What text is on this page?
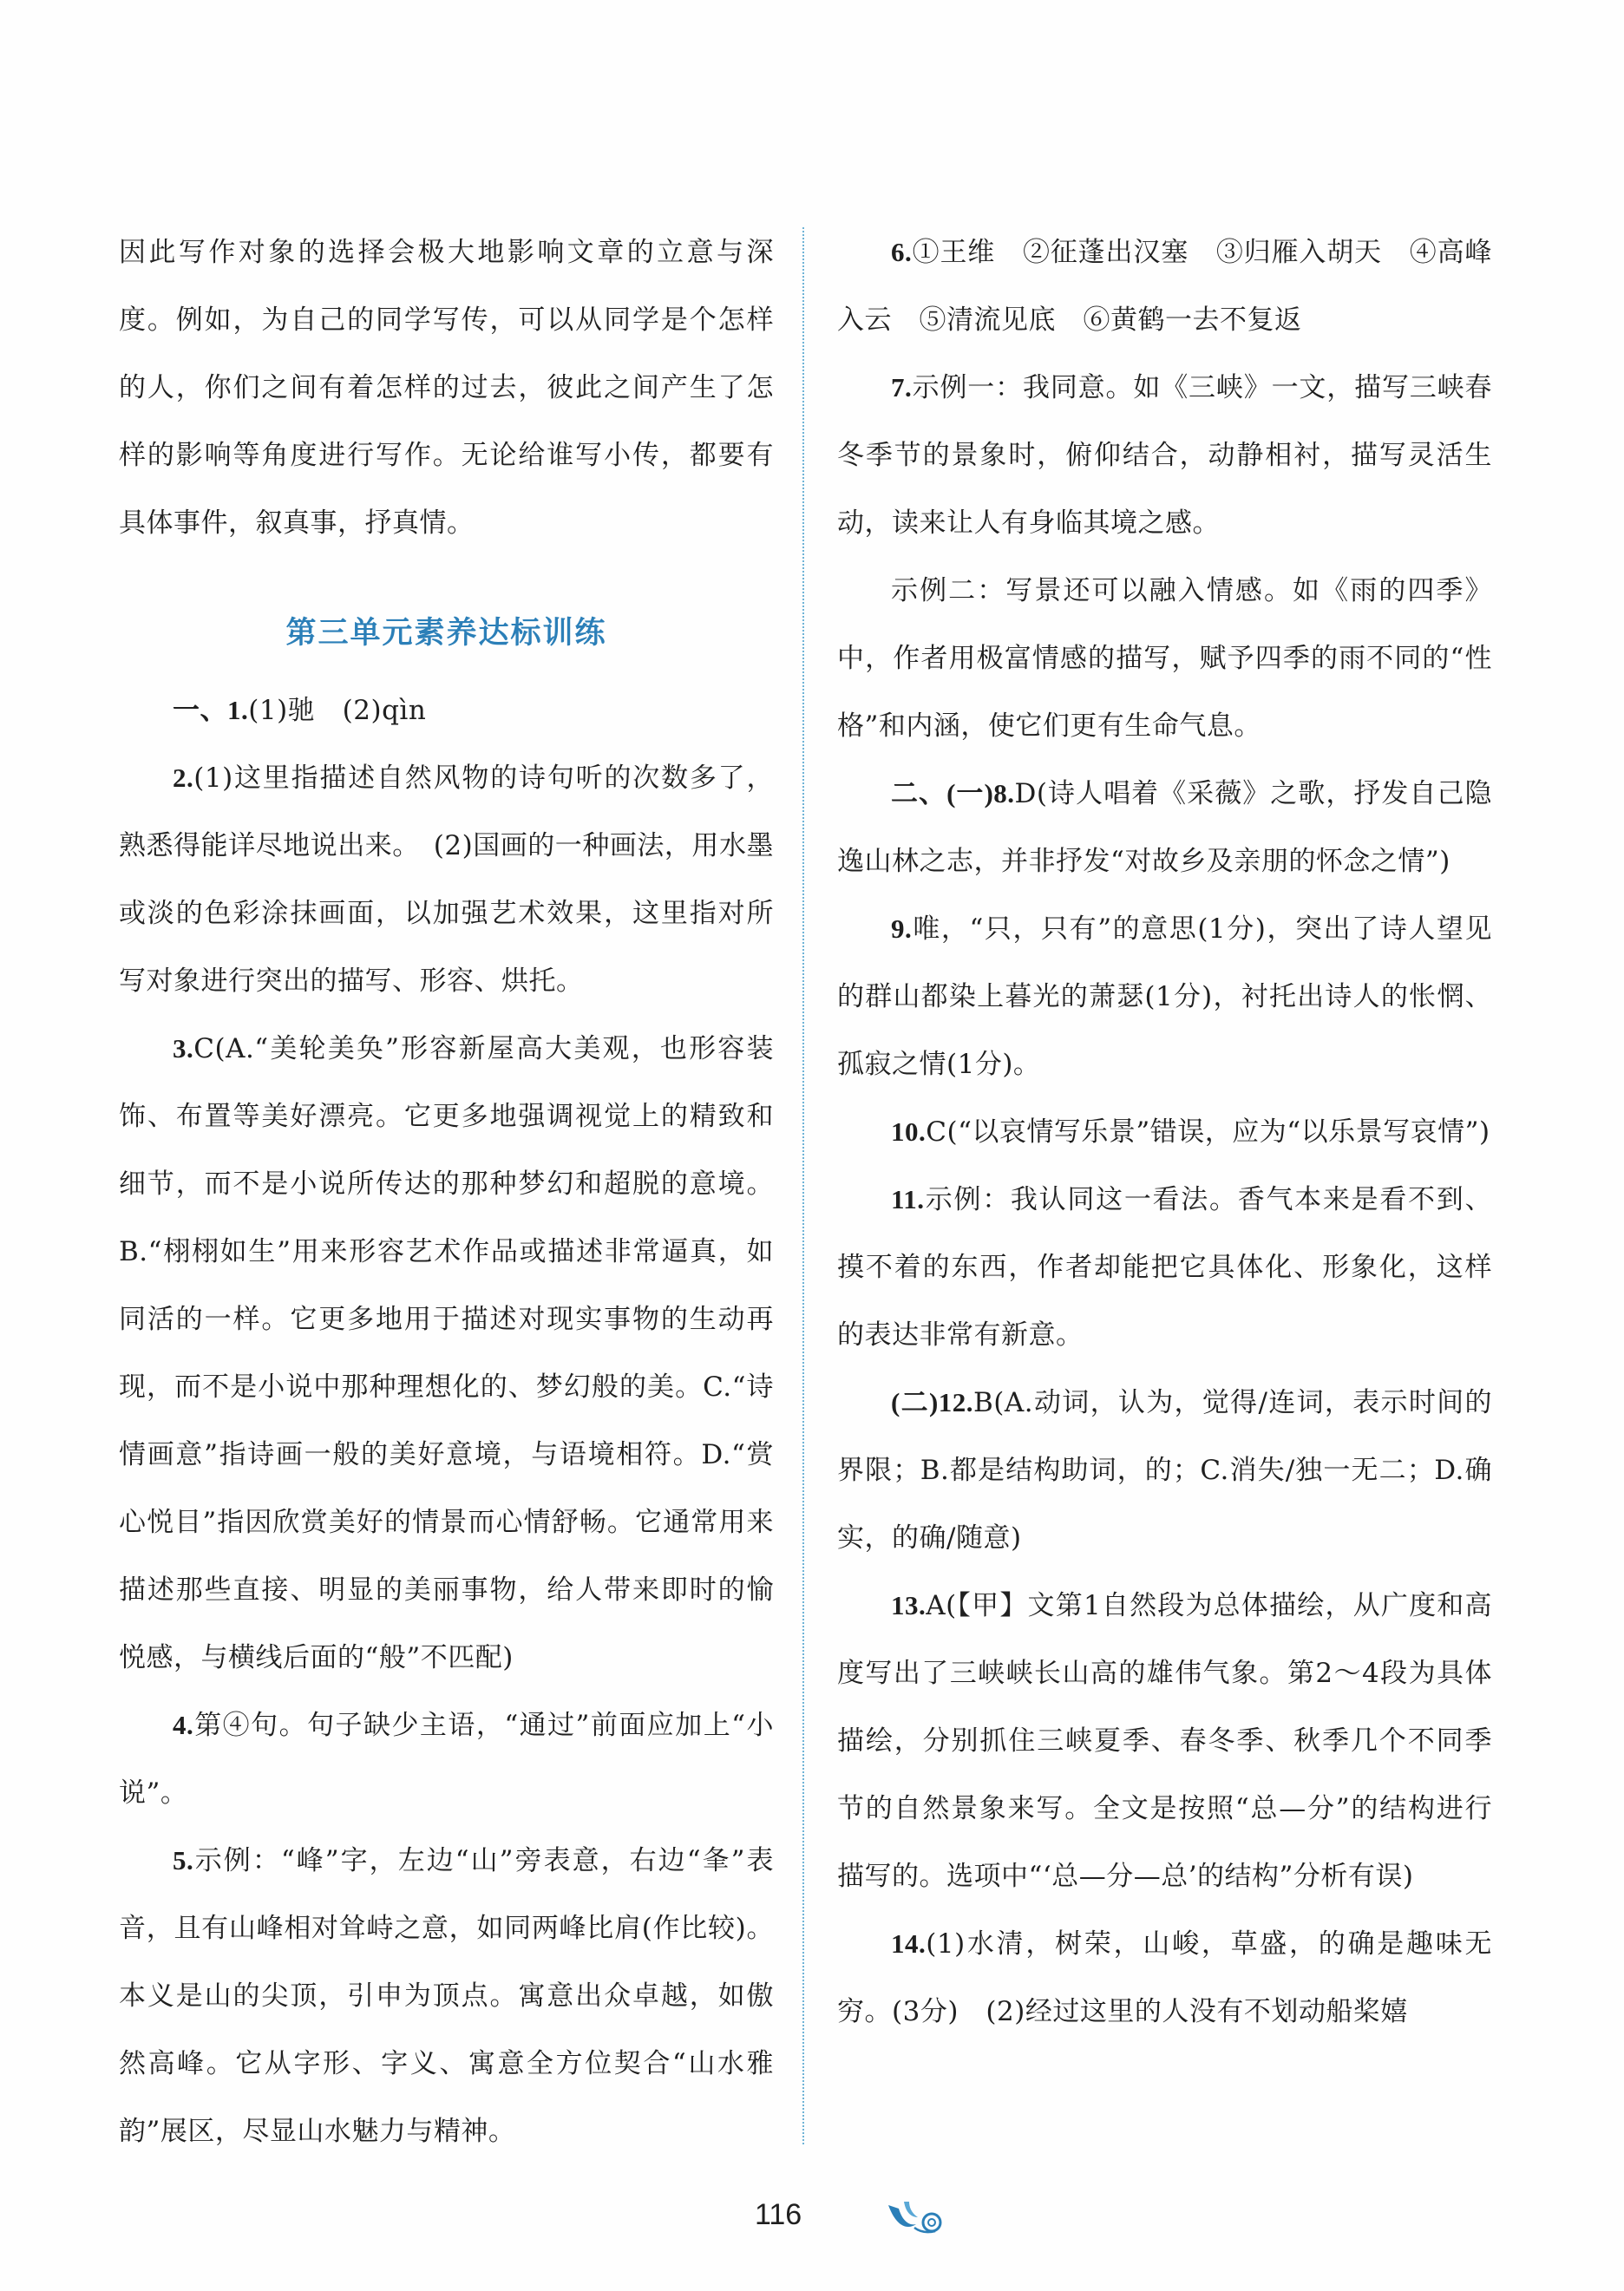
因此写作对象的选择会极大地影响文章的立意与深度。例如，为自己的同学写传，可以从同学是个怎样的人，你们之间有着怎样的过去，彼此之间产生了怎样的影响等角度进行写作。无论给谁写小传，都要有具体事件，叙真事，抒真情。

第三单元素养达标训练

一、1.(1)驰　(2)qìn

2.(1)这里指描述自然风物的诗句听的次数多了，熟悉得能详尽地说出来。　(2)国画的一种画法，用水墨或淡的色彩涂抹画面，以加强艺术效果，这里指对所写对象进行突出的描写、形容、烘托。

3.C(A.“美轮美奂”形容新屋高大美观，也形容装饰、布置等美好漂亮。它更多地强调视觉上的精致和细节，而不是小说所传达的那种梦幻和超脱的意境。B.“栩栩如生”用来形容艺术作品或描述非常逼真，如同活的一样。它更多地用于描述对现实事物的生动再现，而不是小说中那种理想化的、梦幻般的美。C.“诗情画意”指诗画一般的美好意境，与语境相符。D.“赏心悦目”指因欣赏美好的情景而心情舒畅。它通常用来描述那些直接、明显的美丽事物，给人带来即时的愉悦感，与横线后面的“般”不匹配)

4.第④句。句子缺少主语，“通过”前面应加上“小说”。

5.示例：“峰”字，左边“山”旁表意，右边“夆”表音，且有山峰相对耸峙之意，如同两峰比肩(作比较)。本义是山的尖顶，引申为顶点。寓意出众卓越，如傲然高峰。它从字形、字义、寓意全方位契合“山水雅韵”展区，尽显山水魅力与精神。

6.①王维　②征蓬出汉塞　③归雁入胡天　④高峰入云　⑤清流见底　⑥黄鹤一去不复返

7.示例一：我同意。如《三峡》一文，描写三峡春冬季节的景象时，俯仰结合，动静相衬，描写灵活生动，读来让人有身临其境之感。

示例二：写景还可以融入情感。如《雨的四季》中，作者用极富情感的描写，赋予四季的雨不同的“性格”和内涵，使它们更有生命气息。

二、(一)8.D(诗人唱着《采薇》之歌，抒发自己隐逸山林之志，并非抒发“对故乡及亲朋的怀念之情”)

9.唯，“只，只有”的意思(1分)，突出了诗人望见的群山都染上暮光的萧瑟(1分)，衬托出诗人的怅惘、孤寂之情(1分)。

10.C(“以哀情写乐景”错误，应为“以乐景写哀情”)

11.示例：我认同这一看法。香气本来是看不到、摸不着的东西，作者却能把它具体化、形象化，这样的表达非常有新意。

(二)12.B(A.动词，认为，觉得/连词，表示时间的界限；B.都是结构助词，的；C.消失/独一无二；D.确实，的确/随意)

13.A(【甲】文第1自然段为总体描绘，从广度和高度写出了三峡峡长山高的雄伟气象。第2～4段为具体描绘，分别抓住三峡夏季、春冬季、秋季几个不同季节的自然景象来写。全文是按照“总—分”的结构进行描写的。选项中“‘总—分—总’的结构”分析有误)

14.(1)水清，树荣，山峻，草盛，的确是趣味无穷。(3分)　(2)经过这里的人没有不划动船桨嬉

116
